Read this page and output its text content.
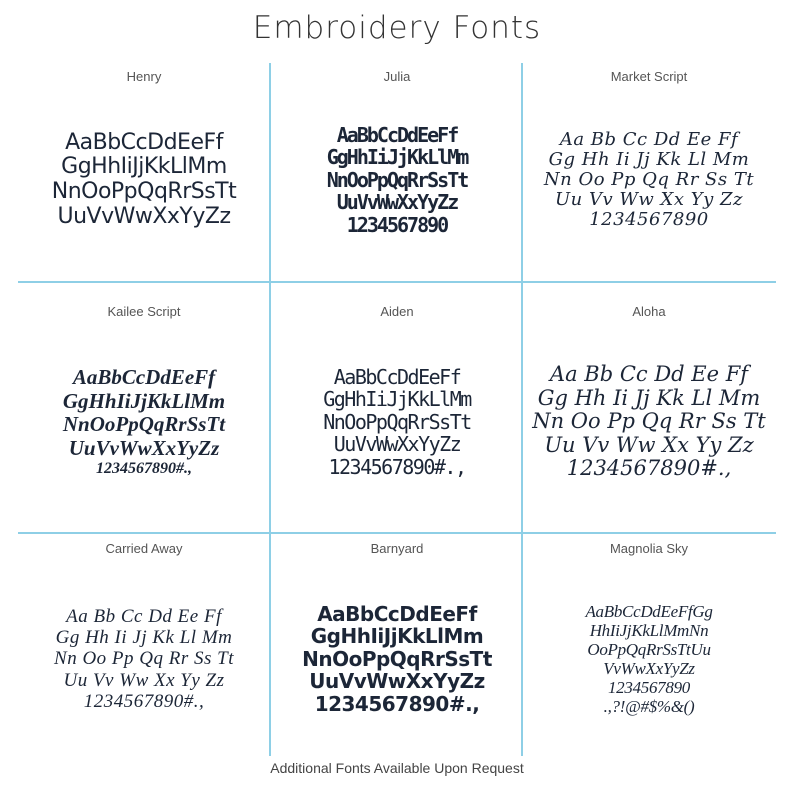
Embroidery Fonts
Henry
AaBbCcDdEeFf
GgHhIiJjKkLlMm
NnOoPpQqRrSsTt
UuVvWwXxYyZz
Julia
AaBbCcDdEeFf
GgHhIiJjKkLlMm
NnOoPpQqRrSsTt
UuVvWwXxYyZz
1234567890
Market Script
Aa Bb Cc Dd Ee Ff
Gg Hh Ii Jj Kk Ll Mm
Nn Oo Pp Qq Rr Ss Tt
Uu Vv Ww Xx Yy Zz
1234567890
Kailee Script
AaBbCcDdEeFf
GgHhIiJjKkLlMm
NnOoPpQqRrSsTt
UuVvWwXxYyZz
1234567890#.,
Aiden
AaBbCcDdEeFf
GgHhIiJjKkLlMm
NnOoPpQqRrSsTt
UuVvWwXxYyZz
1234567890#.,
Aloha
Aa Bb Cc Dd Ee Ff
Gg Hh Ii Jj Kk Ll Mm
Nn Oo Pp Qq Rr Ss Tt
Uu Vv Ww Xx Yy Zz
1234567890#.,
Carried Away
Aa Bb Cc Dd Ee Ff
Gg Hh Ii Jj Kk Ll Mm
Nn Oo Pp Qq Rr Ss Tt
Uu Vv Ww Xx Yy Zz
1234567890#.,
Barnyard
AaBbCcDdEeFf
GgHhIiJjKkLlMm
NnOoPpQqRrSsTt
UuVvWwXxYyZz
1234567890#.,
Magnolia Sky
AaBbCcDdEeFfGg
HhIiJjKkLlMmNn
OoPpQqRrSsTtUu
VvWwXxYyZz
1234567890
.,?!@#$%&()
Additional Fonts Available Upon Request
